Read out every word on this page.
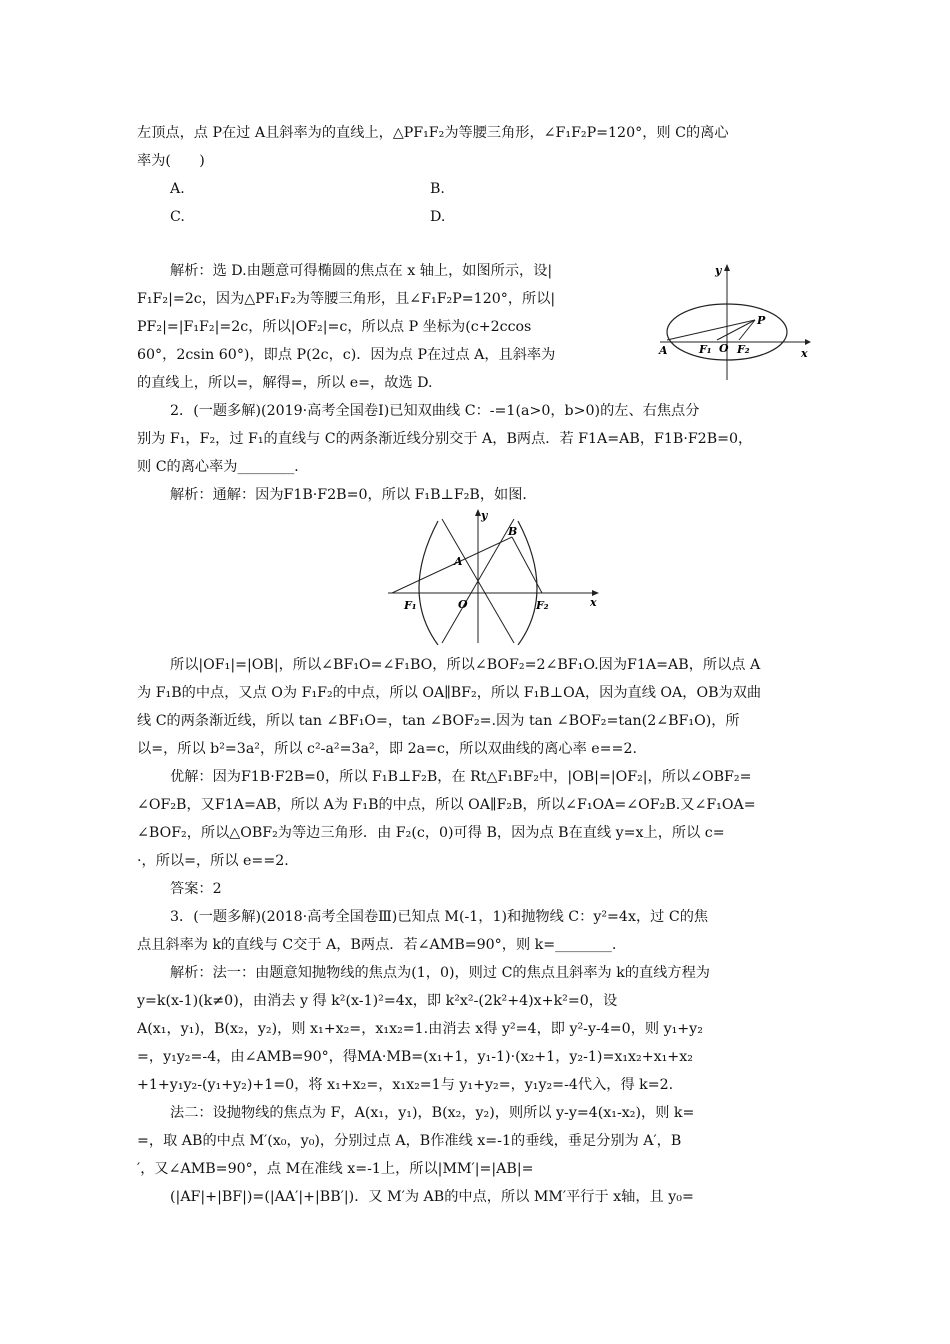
左顶点，点 P在过 A且斜率为的直线上，△PF₁F₂为等腰三角形，∠F₁F₂P=120°，则 C的离心

率为(　　)

A.	B.

C.	D.

解析：选 D.由题意可得椭圆的焦点在 x 轴上，如图所示，设|

F₁F₂|=2c，因为△PF₁F₂为等腰三角形，且∠F₁F₂P=120°，所以|

PF₂|=|F₁F₂|=2c，所以|OF₂|=c，所以点 P 坐标为(c+2ccos

60°，2csin 60°)，即点 P(2c，c)．因为点 P在过点 A，且斜率为

的直线上，所以=，解得=，所以 e=，故选 D.

y
x
A	F₁ O F₂
P

2．(一题多解)(2019·高考全国卷Ⅰ)已知双曲线 C：-=1(a>0，b>0)的左、右焦点分

别为 F₁，F₂，过 F₁的直线与 C的两条渐近线分别交于 A，B两点．若 F1A=AB，F1B·F2B=0，

则 C的离心率为________．

解析：通解：因为F1B·F2B=0，所以 F₁B⊥F₂B，如图．

y
x
B
A
F₁	O	F₂

所以|OF₁|=|OB|，所以∠BF₁O=∠F₁BO，所以∠BOF₂=2∠BF₁O.因为F1A=AB，所以点 A

为 F₁B的中点，又点 O为 F₁F₂的中点，所以 OA∥BF₂，所以 F₁B⊥OA，因为直线 OA，OB为双曲

线 C的两条渐近线，所以 tan ∠BF₁O=，tan ∠BOF₂=.因为 tan ∠BOF₂=tan(2∠BF₁O)，所

以=，所以 b²=3a²，所以 c²-a²=3a²，即 2a=c，所以双曲线的离心率 e==2.

优解：因为F1B·F2B=0，所以 F₁B⊥F₂B，在 Rt△F₁BF₂中，|OB|=|OF₂|，所以∠OBF₂=

∠OF₂B，又F1A=AB，所以 A为 F₁B的中点，所以 OA∥F₂B，所以∠F₁OA=∠OF₂B.又∠F₁OA=

∠BOF₂，所以△OBF₂为等边三角形．由 F₂(c，0)可得 B，因为点 B在直线 y=x上，所以 c=

·，所以=，所以 e==2.

答案：2

3．(一题多解)(2018·高考全国卷Ⅲ)已知点 M(-1，1)和抛物线 C：y²=4x，过 C的焦

点且斜率为 k的直线与 C交于 A，B两点．若∠AMB=90°，则 k=________.

解析：法一：由题意知抛物线的焦点为(1，0)，则过 C的焦点且斜率为 k的直线方程为

y=k(x-1)(k≠0)，由消去 y 得 k²(x-1)²=4x，即 k²x²-(2k²+4)x+k²=0，设

A(x₁，y₁)，B(x₂，y₂)，则 x₁+x₂=，x₁x₂=1.由消去 x得 y²=4，即 y²-y-4=0，则 y₁+y₂

=，y₁y₂=-4，由∠AMB=90°，得MA·MB=(x₁+1，y₁-1)·(x₂+1，y₂-1)=x₁x₂+x₁+x₂

+1+y₁y₂-(y₁+y₂)+1=0，将 x₁+x₂=，x₁x₂=1与 y₁+y₂=，y₁y₂=-4代入，得 k=2.

法二：设抛物线的焦点为 F，A(x₁，y₁)，B(x₂，y₂)，则所以 y-y=4(x₁-x₂)，则 k=

=，取 AB的中点 M′(x₀，y₀)，分别过点 A，B作准线 x=-1的垂线，垂足分别为 A′，B

′，又∠AMB=90°，点 M在准线 x=-1上，所以|MM′|=|AB|=

(|AF|+|BF|)=(|AA′|+|BB′|)．又 M′为 AB的中点，所以 MM′平行于 x轴，且 y₀=
